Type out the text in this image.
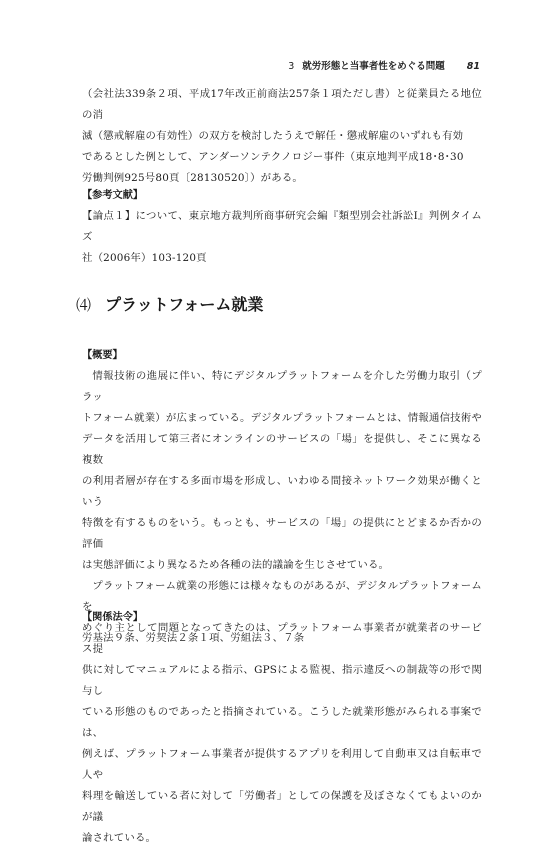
3 就労形態と当事者性をめぐる問題 81

（会社法339条２項、平成17年改正前商法257条１項ただし書）と従業員たる地位の消

滅（懲戒解雇の有効性）の双方を検討したうえで解任・懲戒解雇のいずれも有効

であるとした例として、アンダーソンテクノロジー事件（東京地判平成18･8･30

労働判例925号80頁〔28130520〕）がある。

【参考文献】

【論点１】について、東京地方裁判所商事研究会編『類型別会社訴訟Ⅰ』判例タイムズ

社（2006年）103-120頁

⑷ プラットフォーム就業

【概要】

情報技術の進展に伴い、特にデジタルプラットフォームを介した労働力取引（プラッ

トフォーム就業）が広まっている。デジタルプラットフォームとは、情報通信技術や

データを活用して第三者にオンラインのサービスの「場」を提供し、そこに異なる複数

の利用者層が存在する多面市場を形成し、いわゆる間接ネットワーク効果が働くという

特徴を有するものをいう。もっとも、サービスの「場」の提供にとどまるか否かの評価

は実態評価により異なるため各種の法的議論を生じさせている。

プラットフォーム就業の形態には様々なものがあるが、デジタルプラットフォームを

めぐり主として問題となってきたのは、プラットフォーム事業者が就業者のサービス提

供に対してマニュアルによる指示、GPSによる監視、指示違反への制裁等の形で関与し

ている形態のものであったと指摘されている。こうした就業形態がみられる事案では、

例えば、プラットフォーム事業者が提供するアプリを利用して自動車又は自転車で人や

料理を輸送している者に対して「労働者」としての保護を及ぼさなくてもよいのかが議

論されている。

【関係法令】

労基法９条、労契法２条１項、労組法３、７条
